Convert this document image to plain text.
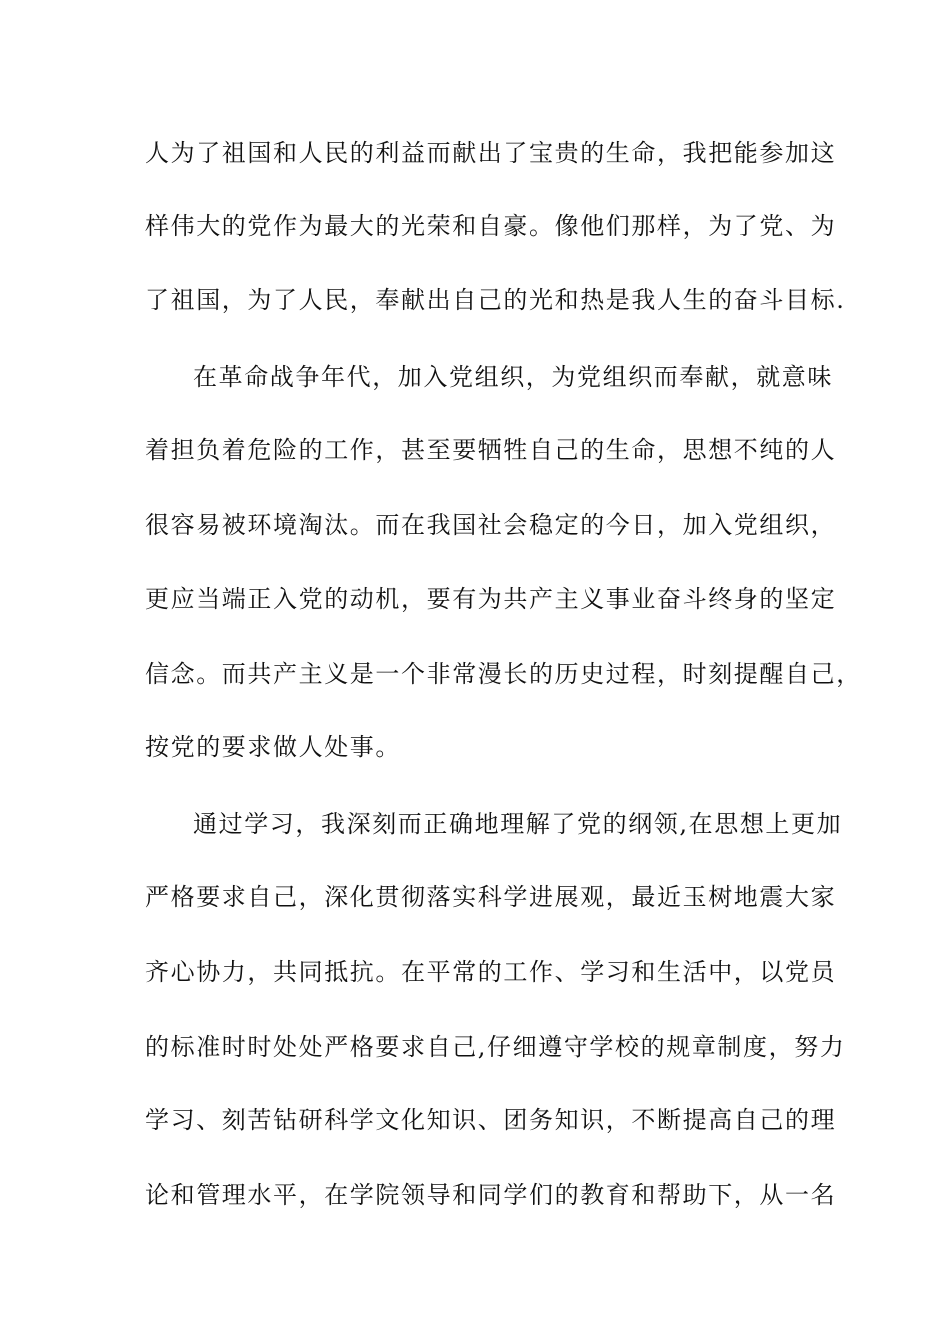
人为了祖国和人民的利益而献出了宝贵的生命，我把能参加这
样伟大的党作为最大的光荣和自豪。像他们那样，为了党、为
了祖国，为了人民，奉献出自己的光和热是我人生的奋斗目标.
在革命战争年代，加入党组织，为党组织而奉献，就意味
着担负着危险的工作，甚至要牺牲自己的生命，思想不纯的人
很容易被环境淘汰。而在我国社会稳定的今日，加入党组织，
更应当端正入党的动机，要有为共产主义事业奋斗终身的坚定
信念。而共产主义是一个非常漫长的历史过程，时刻提醒自己，
按党的要求做人处事。
通过学习，我深刻而正确地理解了党的纲领,在思想上更加
严格要求自己，深化贯彻落实科学进展观，最近玉树地震大家
齐心协力，共同抵抗。在平常的工作、学习和生活中，以党员
的标准时时处处严格要求自己,仔细遵守学校的规章制度，努力
学习、刻苦钻研科学文化知识、团务知识，不断提高自己的理
论和管理水平，在学院领导和同学们的教育和帮助下，从一名
